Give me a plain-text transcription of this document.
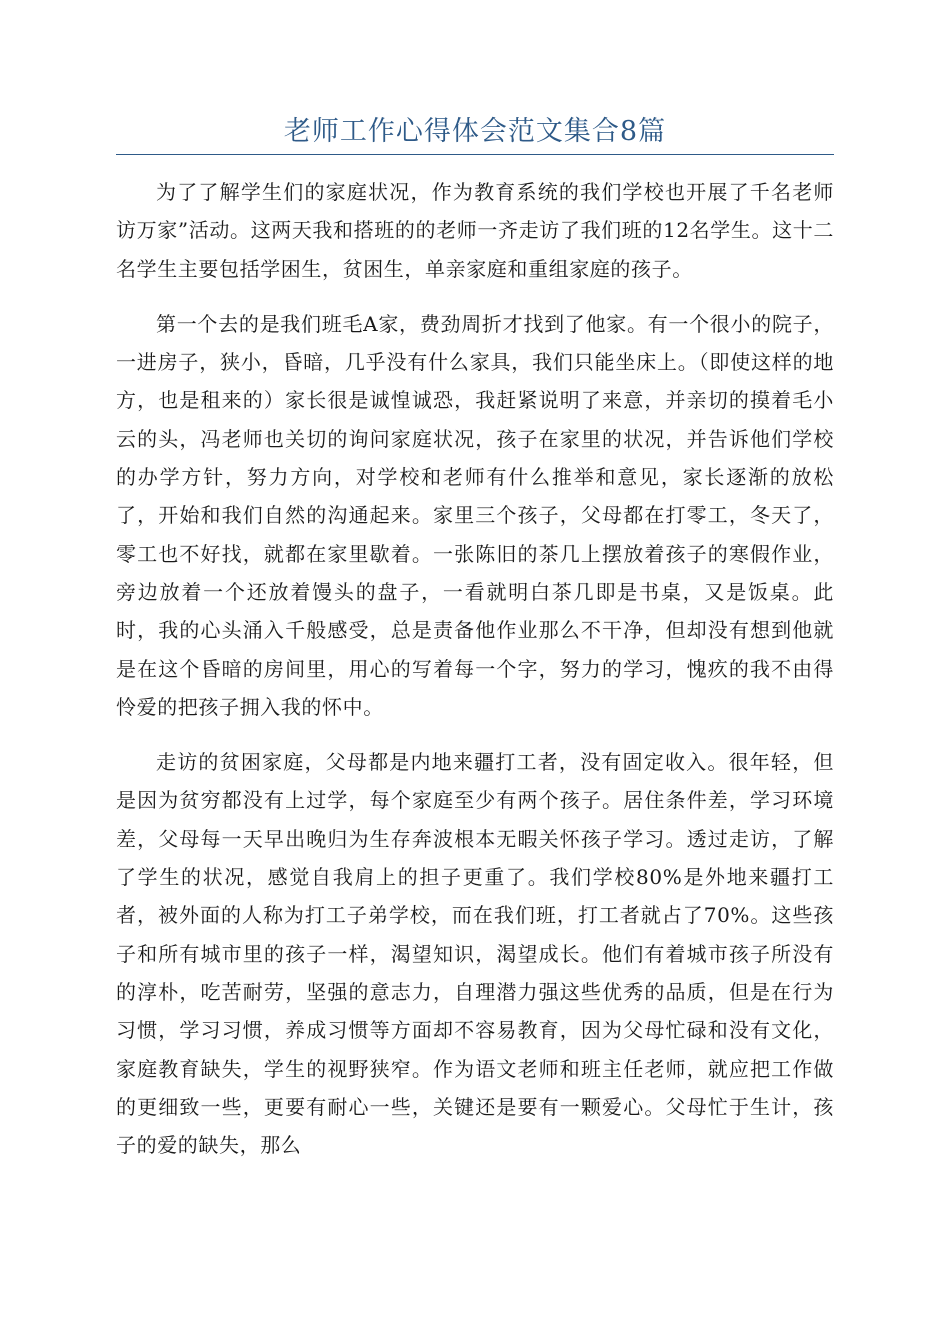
老师工作心得体会范文集合8篇

为了了解学生们的家庭状况，作为教育系统的我们学校也开展了千名老师访万家”活动。这两天我和搭班的的老师一齐走访了我们班的12名学生。这十二名学生主要包括学困生，贫困生，单亲家庭和重组家庭的孩子。

第一个去的是我们班毛A家，费劲周折才找到了他家。有一个很小的院子，一进房子，狭小，昏暗，几乎没有什么家具，我们只能坐床上。（即使这样的地方，也是租来的）家长很是诚惶诚恐，我赶紧说明了来意，并亲切的摸着毛小云的头，冯老师也关切的询问家庭状况，孩子在家里的状况，并告诉他们学校的办学方针，努力方向，对学校和老师有什么推举和意见，家长逐渐的放松了，开始和我们自然的沟通起来。家里三个孩子，父母都在打零工，冬天了，零工也不好找，就都在家里歇着。一张陈旧的茶几上摆放着孩子的寒假作业，旁边放着一个还放着馒头的盘子，一看就明白茶几即是书桌，又是饭桌。此时，我的心头涌入千般感受，总是责备他作业那么不干净，但却没有想到他就是在这个昏暗的房间里，用心的写着每一个字，努力的学习，愧疚的我不由得怜爱的把孩子拥入我的怀中。

走访的贫困家庭，父母都是内地来疆打工者，没有固定收入。很年轻，但是因为贫穷都没有上过学，每个家庭至少有两个孩子。居住条件差，学习环境差，父母每一天早出晚归为生存奔波根本无暇关怀孩子学习。透过走访，了解了学生的状况，感觉自我肩上的担子更重了。我们学校80%是外地来疆打工者，被外面的人称为打工子弟学校，而在我们班，打工者就占了70%。这些孩子和所有城市里的孩子一样，渴望知识，渴望成长。他们有着城市孩子所没有的淳朴，吃苦耐劳，坚强的意志力，自理潜力强这些优秀的品质，但是在行为习惯，学习习惯，养成习惯等方面却不容易教育，因为父母忙碌和没有文化，家庭教育缺失，学生的视野狭窄。作为语文老师和班主任老师，就应把工作做的更细致一些，更要有耐心一些，关键还是要有一颗爱心。父母忙于生计，孩子的爱的缺失，那么
